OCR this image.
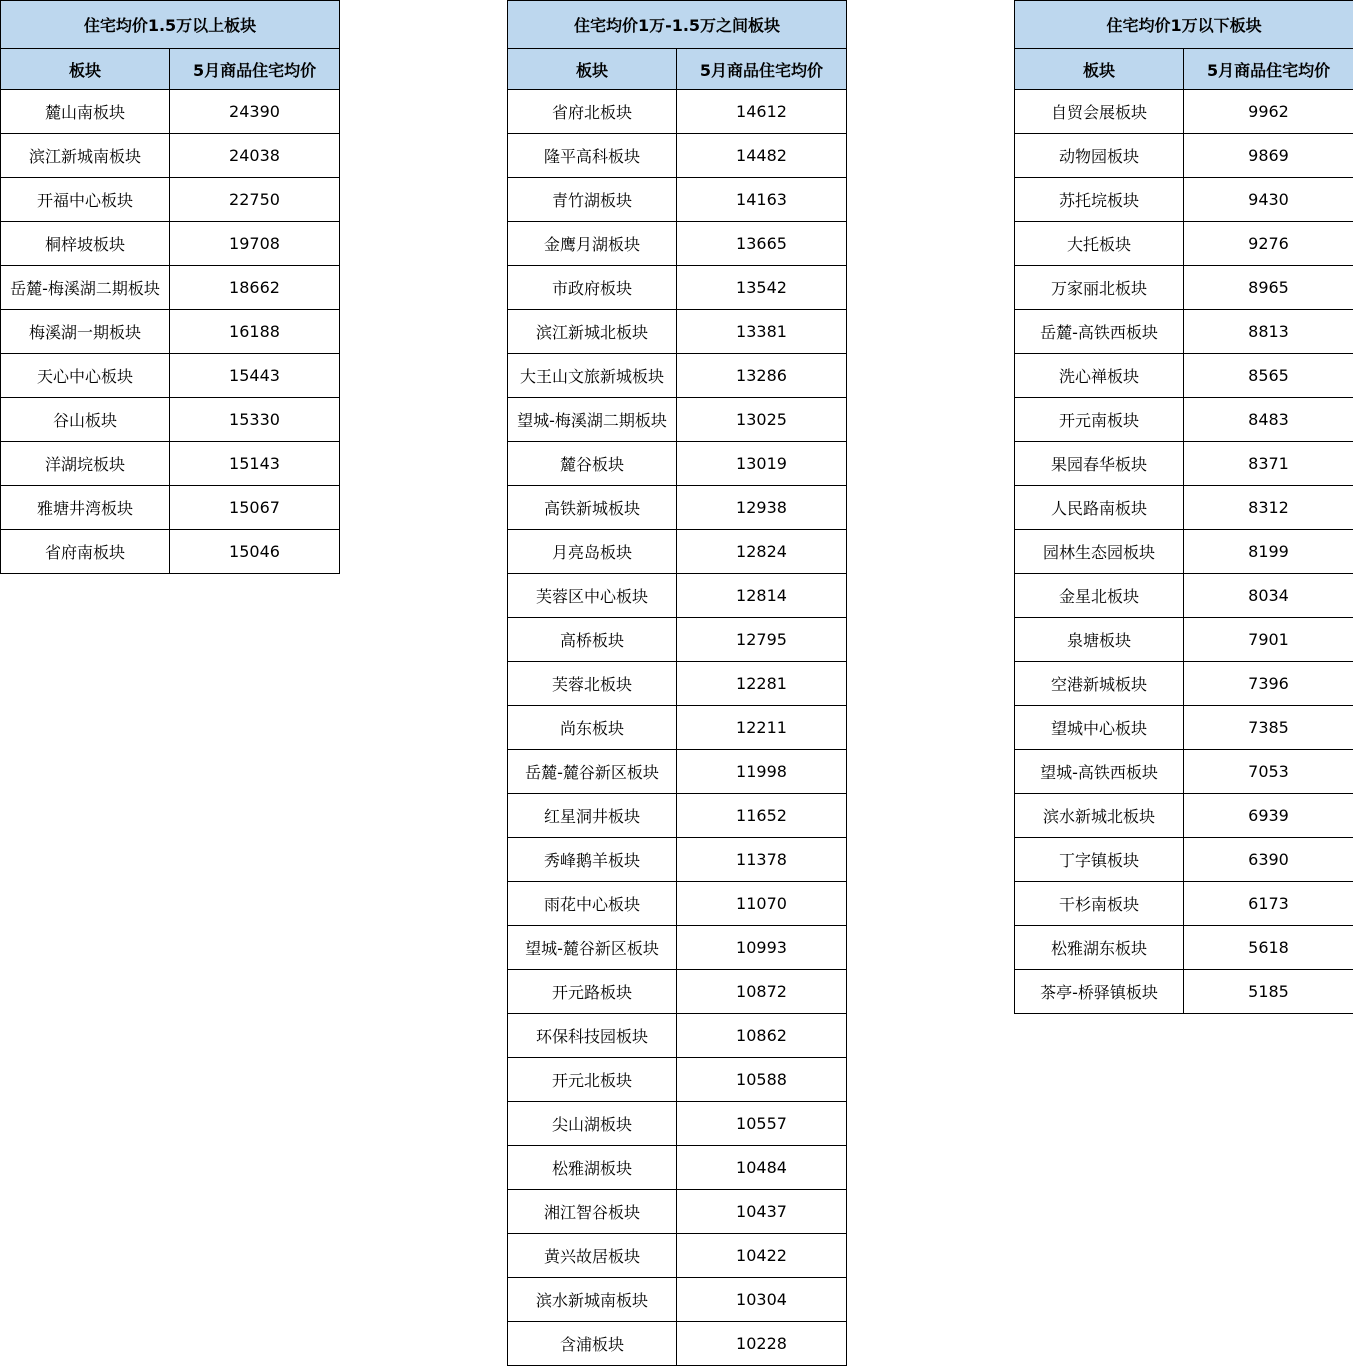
住宅均价1.5万以上板块	
板块	5月商品住宅均价
麓山南板块	24390
滨江新城南板块	24038
开福中心板块	22750
桐梓坡板块	19708
岳麓-梅溪湖二期板块	18662
梅溪湖一期板块	16188
天心中心板块	15443
谷山板块	15330
洋湖垸板块	15143
雅塘井湾板块	15067
省府南板块	15046
住宅均价1万-1.5万之间板块	
板块	5月商品住宅均价
省府北板块	14612
隆平高科板块	14482
青竹湖板块	14163
金鹰月湖板块	13665
市政府板块	13542
滨江新城北板块	13381
大王山文旅新城板块	13286
望城-梅溪湖二期板块	13025
麓谷板块	13019
高铁新城板块	12938
月亮岛板块	12824
芙蓉区中心板块	12814
高桥板块	12795
芙蓉北板块	12281
尚东板块	12211
岳麓-麓谷新区板块	11998
红星洞井板块	11652
秀峰鹅羊板块	11378
雨花中心板块	11070
望城-麓谷新区板块	10993
开元路板块	10872
环保科技园板块	10862
开元北板块	10588
尖山湖板块	10557
松雅湖板块	10484
湘江智谷板块	10437
黄兴故居板块	10422
滨水新城南板块	10304
含浦板块	10228
住宅均价1万以下板块	
板块	5月商品住宅均价
自贸会展板块	9962
动物园板块	9869
苏托垸板块	9430
大托板块	9276
万家丽北板块	8965
岳麓-高铁西板块	8813
洗心禅板块	8565
开元南板块	8483
果园春华板块	8371
人民路南板块	8312
园林生态园板块	8199
金星北板块	8034
泉塘板块	7901
空港新城板块	7396
望城中心板块	7385
望城-高铁西板块	7053
滨水新城北板块	6939
丁字镇板块	6390
干杉南板块	6173
松雅湖东板块	5618
茶亭-桥驿镇板块	5185
